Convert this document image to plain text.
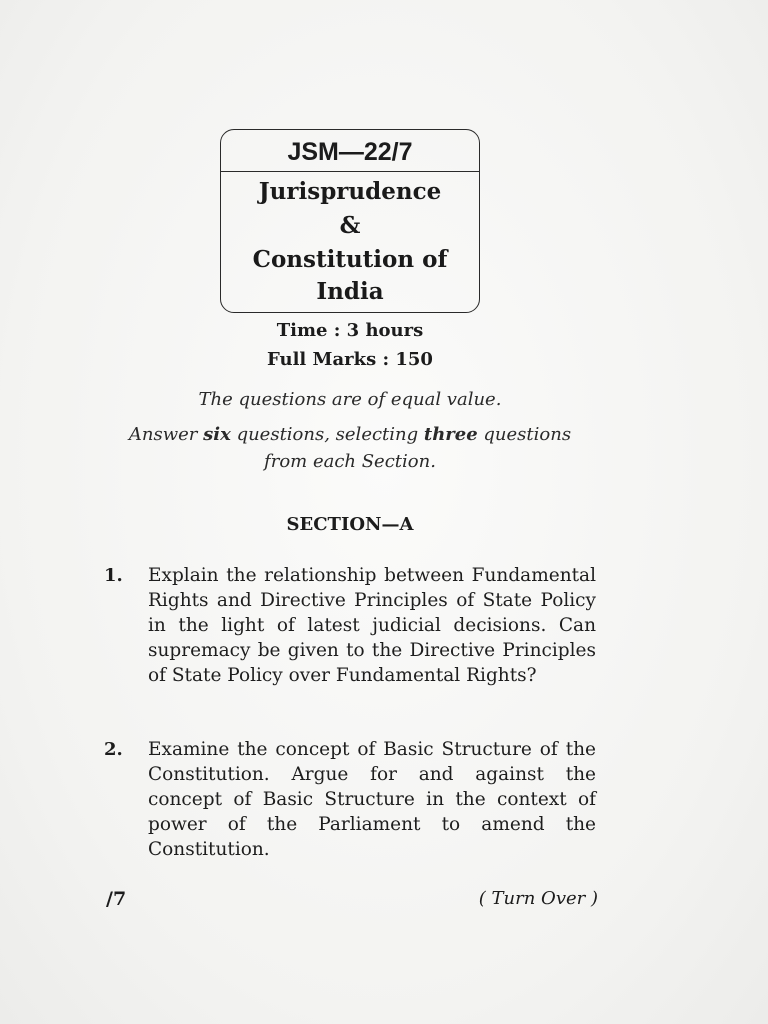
JSM—22/7
Jurisprudence
&
Constitution of
India
Time : 3 hours
Full Marks : 150
The questions are of equal value.
Answer six questions, selecting three questions
from each Section.
SECTION—A
1. Explain the relationship between Fundamental Rights and Directive Principles of State Policy in the light of latest judicial decisions. Can supremacy be given to the Directive Principles of State Policy over Fundamental Rights?
2. Examine the concept of Basic Structure of the Constitution. Argue for and against the concept of Basic Structure in the context of power of the Parliament to amend the Constitution.
/7	( Turn Over )
